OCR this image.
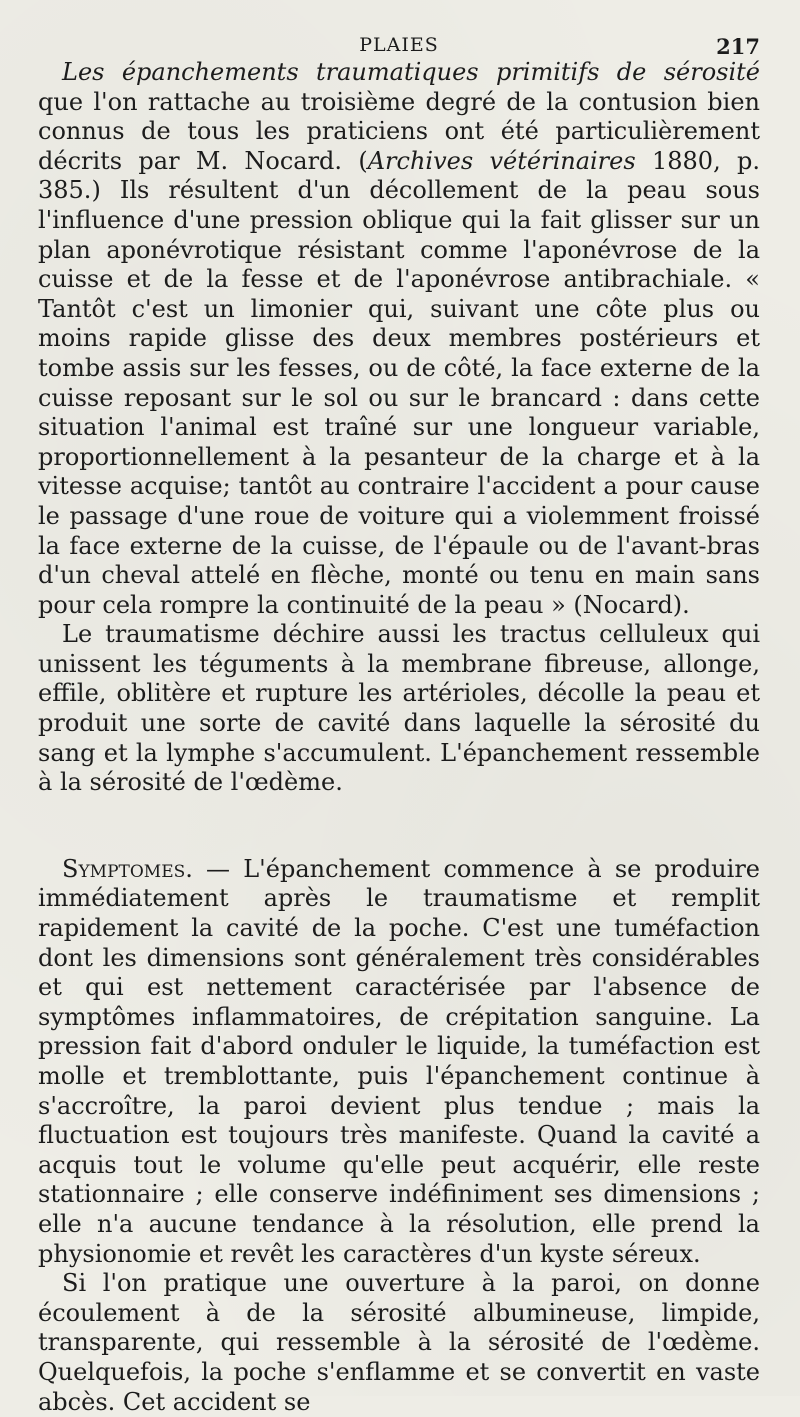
PLAIES	217

Les épanchements traumatiques primitifs de sérosité que l'on rattache au troisième degré de la contusion bien connus de tous les praticiens ont été particulièrement décrits par M. Nocard. (Archives vétérinaires 1880, p. 385.) Ils résultent d'un décollement de la peau sous l'influence d'une pression oblique qui la fait glisser sur un plan aponévrotique résistant comme l'aponévrose de la cuisse et de la fesse et de l'aponévrose antibrachiale. « Tantôt c'est un limonier qui, suivant une côte plus ou moins rapide glisse des deux membres postérieurs et tombe assis sur les fesses, ou de côté, la face externe de la cuisse reposant sur le sol ou sur le brancard : dans cette situation l'animal est traîné sur une longueur variable, proportionnellement à la pesanteur de la charge et à la vitesse acquise; tantôt au contraire l'accident a pour cause le passage d'une roue de voiture qui a violemment froissé la face externe de la cuisse, de l'épaule ou de l'avant-bras d'un cheval attelé en flèche, monté ou tenu en main sans pour cela rompre la continuité de la peau » (Nocard).

Le traumatisme déchire aussi les tractus celluleux qui unissent les téguments à la membrane fibreuse, allonge, effile, oblitère et rupture les artérioles, décolle la peau et produit une sorte de cavité dans laquelle la sérosité du sang et la lymphe s'accumulent. L'épanchement ressemble à la sérosité de l'œdème.

Symptomes. — L'épanchement commence à se produire immédiatement après le traumatisme et remplit rapidement la cavité de la poche. C'est une tuméfaction dont les dimensions sont généralement très considérables et qui est nettement caractérisée par l'absence de symptômes inflammatoires, de crépitation sanguine. La pression fait d'abord onduler le liquide, la tuméfaction est molle et tremblottante, puis l'épanchement continue à s'accroître, la paroi devient plus tendue ; mais la fluctuation est toujours très manifeste. Quand la cavité a acquis tout le volume qu'elle peut acquérir, elle reste stationnaire ; elle conserve indéfiniment ses dimensions ; elle n'a aucune tendance à la résolution, elle prend la physionomie et revêt les caractères d'un kyste séreux.

Si l'on pratique une ouverture à la paroi, on donne écoulement à de la sérosité albumineuse, limpide, transparente, qui ressemble à la sérosité de l'œdème. Quelquefois, la poche s'enflamme et se convertit en vaste abcès. Cet accident se
